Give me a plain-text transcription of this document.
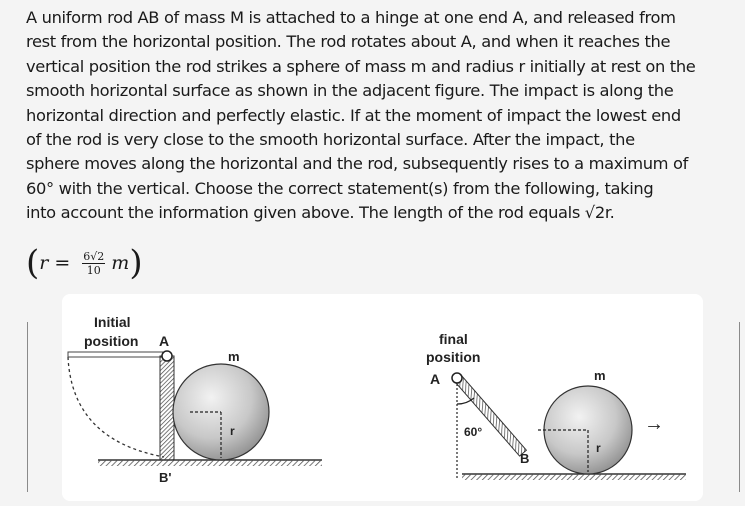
A uniform rod AB of mass M is attached to a hinge at one end A, and released from

rest from the horizontal position. The rod rotates about A, and when it reaches the

vertical position the rod strikes a sphere of mass m and radius r initially at rest on the

smooth horizontal surface as shown in the adjacent figure. The impact is along the

horizontal direction and perfectly elastic. If at the moment of impact the lowest end

of the rod is very close to the smooth horizontal surface. After the impact, the

sphere moves along the horizontal and the rod, subsequently rises to a maximum of

60° with the vertical. Choose the correct statement(s) from the following, taking

into account the information given above. The length of the rod equals √2r.

( $r = \frac{6√2}{10}$ m )
Initial
position A
m
r
B'
final
position
A
60°
B
m
r
→
